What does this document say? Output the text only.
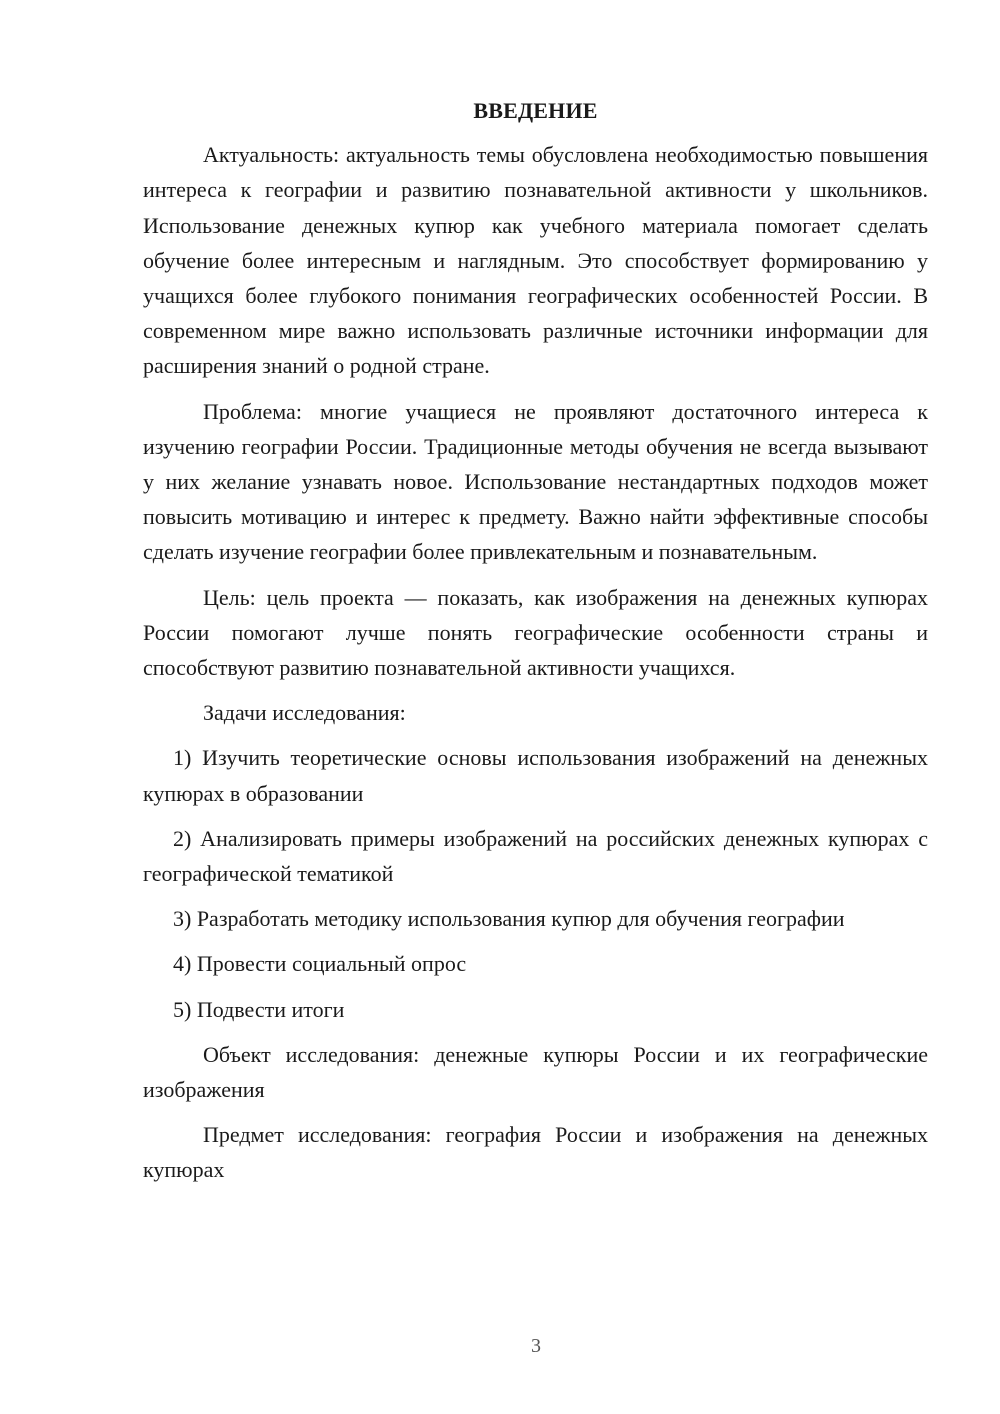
ВВЕДЕНИЕ

Актуальность: актуальность темы обусловлена необходимостью повышения интереса к географии и развитию познавательной активности у школьников. Использование денежных купюр как учебного материала помогает сделать обучение более интересным и наглядным. Это способствует формированию у учащихся более глубокого понимания географических особенностей России. В современном мире важно использовать различные источники информации для расширения знаний о родной стране.

Проблема: многие учащиеся не проявляют достаточного интереса к изучению географии России. Традиционные методы обучения не всегда вызывают у них желание узнавать новое. Использование нестандартных подходов может повысить мотивацию и интерес к предмету. Важно найти эффективные способы сделать изучение географии более привлекательным и познавательным.

Цель: цель проекта — показать, как изображения на денежных купюрах России помогают лучше понять географические особенности страны и способствуют развитию познавательной активности учащихся.

Задачи исследования:

1) Изучить теоретические основы использования изображений на денежных купюрах в образовании

2) Анализировать примеры изображений на российских денежных купюрах с географической тематикой

3) Разработать методику использования купюр для обучения географии

4) Провести социальный опрос

5) Подвести итоги

Объект исследования: денежные купюры России и их географические изображения

Предмет исследования: география России и изображения на денежных купюрах

3
